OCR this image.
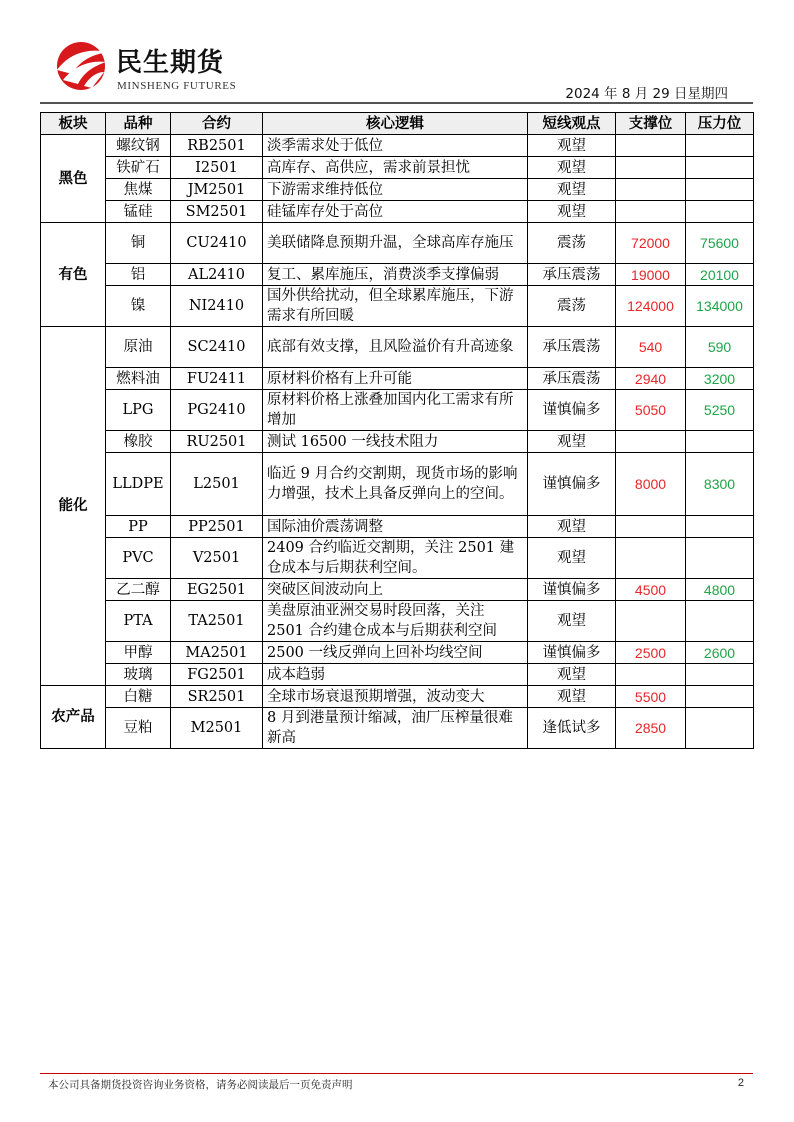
民生期货
MINSHENG FUTURES	2024 年 8 月 29 日星期四
板块	品种	合约	核心逻辑	短线观点	支撑位	压力位
黑色	螺纹钢	RB2501	淡季需求处于低位	观望		
	铁矿石	I2501	高库存、高供应，需求前景担忧	观望		
	焦煤	JM2501	下游需求维持低位	观望		
	锰硅	SM2501	硅锰库存处于高位	观望		
有色	铜	CU2410	美联储降息预期升温，全球高库存施压	震荡	72000	75600
	铝	AL2410	复工、累库施压，消费淡季支撑偏弱	承压震荡	19000	20100
	镍	NI2410	国外供给扰动，但全球累库施压，下游需求有所回暖	震荡	124000	134000
能化	原油	SC2410	底部有效支撑，且风险溢价有升高迹象	承压震荡	540	590
	燃料油	FU2411	原材料价格有上升可能	承压震荡	2940	3200
	LPG	PG2410	原材料价格上涨叠加国内化工需求有所增加	谨慎偏多	5050	5250
	橡胶	RU2501	测试 16500 一线技术阻力	观望		
	LLDPE	L2501	临近 9 月合约交割期，现货市场的影响力增强，技术上具备反弹向上的空间。	谨慎偏多	8000	8300
	PP	PP2501	国际油价震荡调整	观望		
	PVC	V2501	2409 合约临近交割期，关注 2501 建仓成本与后期获利空间。	观望		
	乙二醇	EG2501	突破区间波动向上	谨慎偏多	4500	4800
	PTA	TA2501	美盘原油亚洲交易时段回落，关注 2501 合约建仓成本与后期获利空间	观望		
	甲醇	MA2501	2500 一线反弹向上回补均线空间	谨慎偏多	2500	2600
	玻璃	FG2501	成本趋弱	观望		
农产品	白糖	SR2501	全球市场衰退预期增强，波动变大	观望	5500	
	豆粕	M2501	8 月到港量预计缩减，油厂压榨量很难新高	逢低试多	2850	
本公司具备期货投资咨询业务资格，请务必阅读最后一页免责声明	2
